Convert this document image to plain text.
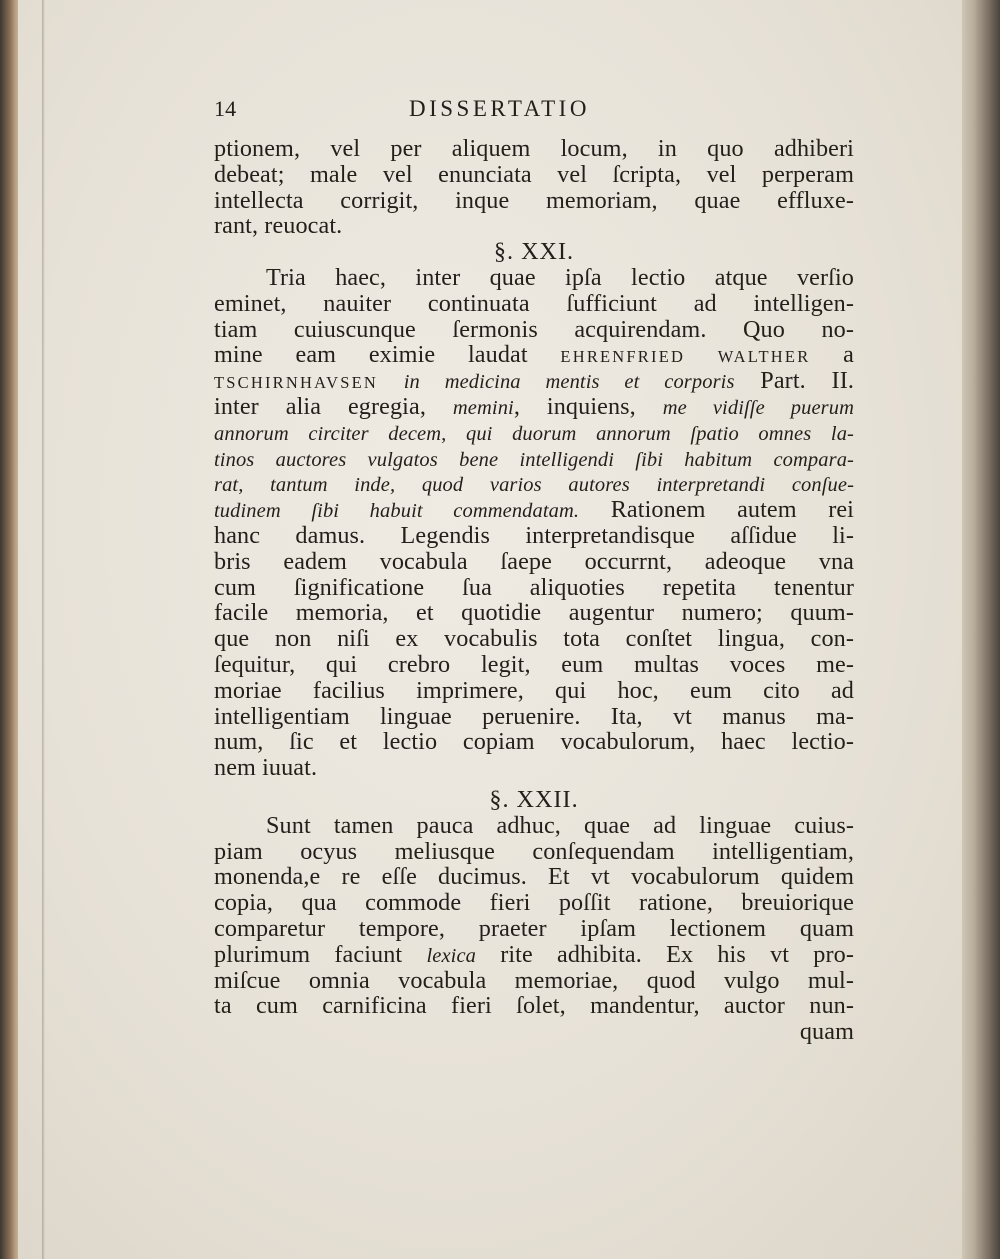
14	DISSERTATIO
ptionem, vel per aliquem locum, in quo adhiberi
debeat; male vel enunciata vel ſcripta, vel perperam
intellecta corrigit, inque memoriam, quae effluxe-
rant, reuocat.
§. XXI.
Tria haec, inter quae ipſa lectio atque verſio
eminet, nauiter continuata ſufficiunt ad intelligen-
tiam cuiuscunque ſermonis acquirendam. Quo no-
mine eam eximie laudat EHRENFRIED WALTHER a
TSCHIRNHAVSEN in medicina mentis et corporis Part. II.
inter alia egregia, memini, inquiens, me vidiſſe puerum
annorum circiter decem, qui duorum annorum ſpatio omnes la-
tinos auctores vulgatos bene intelligendi ſibi habitum compara-
rat, tantum inde, quod varios autores interpretandi conſue-
tudinem ſibi habuit commendatam. Rationem autem rei
hanc damus. Legendis interpretandisque aſſidue li-
bris eadem vocabula ſaepe occurrnt, adeoque vna
cum ſignificatione ſua aliquoties repetita tenentur
facile memoria, et quotidie augentur numero; quum-
que non niſi ex vocabulis tota conſtet lingua, con-
ſequitur, qui crebro legit, eum multas voces me-
moriae facilius imprimere, qui hoc, eum cito ad
intelligentiam linguae peruenire. Ita, vt manus ma-
num, ſic et lectio copiam vocabulorum, haec lectio-
nem iuuat.
§. XXII.
Sunt tamen pauca adhuc, quae ad linguae cuius-
piam ocyus meliusque conſequendam intelligentiam,
monenda,e re eſſe ducimus. Et vt vocabulorum quidem
copia, qua commode fieri poſſit ratione, breuiorique
comparetur tempore, praeter ipſam lectionem quam
plurimum faciunt lexica rite adhibita. Ex his vt pro-
miſcue omnia vocabula memoriae, quod vulgo mul-
ta cum carnificina fieri ſolet, mandentur, auctor nun-
quam
